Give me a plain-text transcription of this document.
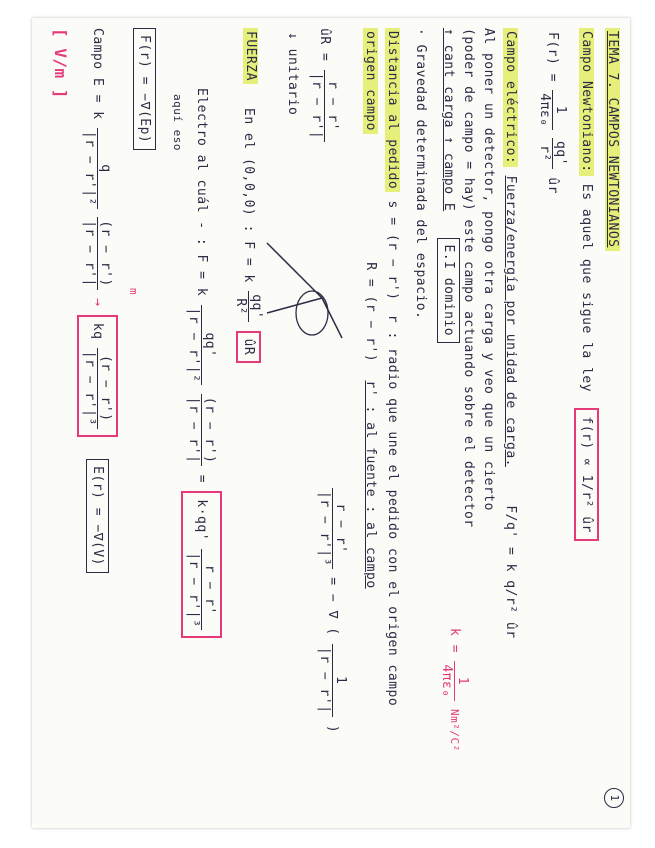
TEMA 7. CAMPOS NEWTONIANOS
1
Campo Newtoniano: Es aquel que sigue la ley f(r) ∝ 1/r² ûr
F(r) =
1
4πε₀

qq'
r²
ûr
Campo eléctrico: Fuerza/energía por unidad de carga. F/q' = k q/r² ûr
Al poner un detector, pongo otra carga y veo que un cierto
(poder de campo = hay) este campo actuando sobre el detector
↑ cant carga ↑ campo E E.I dominio
k =
1
4πε₀
Nm²/C²
· Gravedad determinada del espacio.
Distancia al pedido s = (r − r') r : radio que une el pedido con el origen campo
origen campo R = (r − r') r' : al fuente : al campo
ûR =
r − r'
|r − r'|
↓ unitario
r − r'
|r − r'|³
= − ∇ (
1
|r − r'|
)
FUERZA
En el (0,0,0) : F = k
qq'
R²
ûR
Electro al cuál - : F = k
qq'
|r − r'|²

(r − r')
|r − r'|
= k·qq'
r − r'
|r − r'|³
aquí eso
F(r) = −∇(Ep)
Campo E = k
q
|r − r'|²

(r − r')
|r − r'|
→ kq
(r − r')
|r − r'|³
E(r) = −∇(V)
m
[ V/m ]
